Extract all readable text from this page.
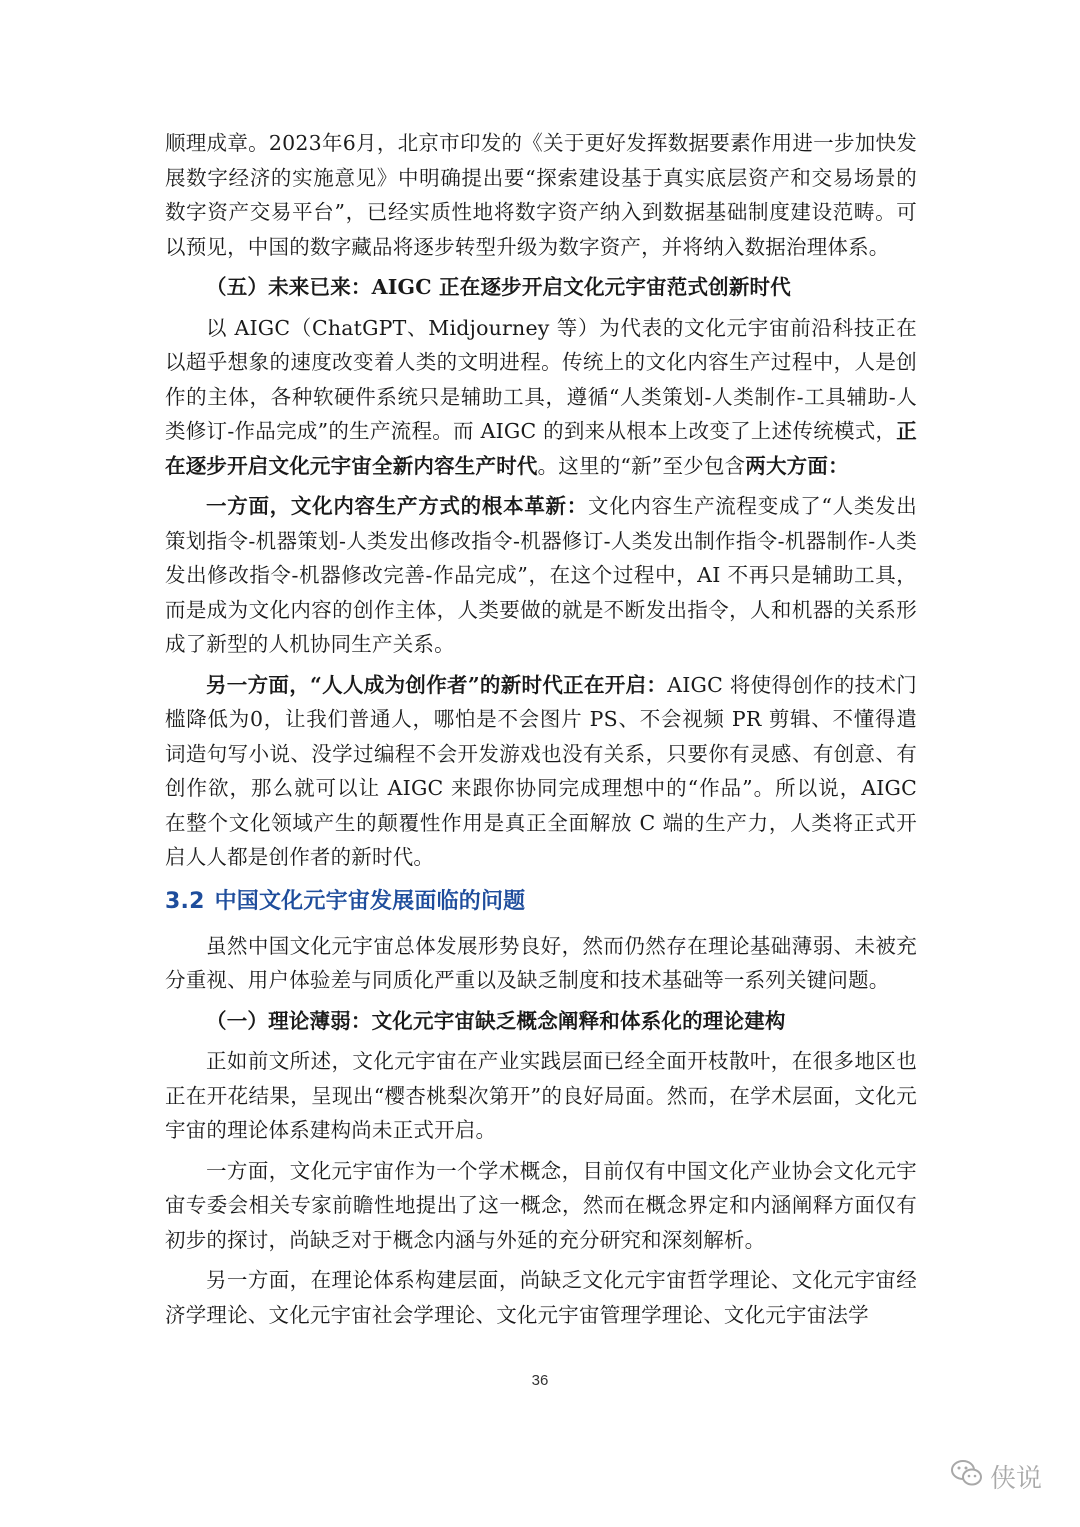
顺理成章。2023年6月，北京市印发的《关于更好发挥数据要素作用进一步加快发展数字经济的实施意见》中明确提出要“探索建设基于真实底层资产和交易场景的数字资产交易平台”，已经实质性地将数字资产纳入到数据基础制度建设范畴。可以预见，中国的数字藏品将逐步转型升级为数字资产，并将纳入数据治理体系。

（五）未来已来：AIGC 正在逐步开启文化元宇宙范式创新时代

以 AIGC（ChatGPT、Midjourney 等）为代表的文化元宇宙前沿科技正在以超乎想象的速度改变着人类的文明进程。传统上的文化内容生产过程中，人是创作的主体，各种软硬件系统只是辅助工具，遵循“人类策划-人类制作-工具辅助-人类修订-作品完成”的生产流程。而 AIGC 的到来从根本上改变了上述传统模式，正在逐步开启文化元宇宙全新内容生产时代。这里的“新”至少包含两大方面：

一方面，文化内容生产方式的根本革新：文化内容生产流程变成了“人类发出策划指令-机器策划-人类发出修改指令-机器修订-人类发出制作指令-机器制作-人类发出修改指令-机器修改完善-作品完成”，在这个过程中，AI 不再只是辅助工具，而是成为文化内容的创作主体，人类要做的就是不断发出指令，人和机器的关系形成了新型的人机协同生产关系。

另一方面，“人人成为创作者”的新时代正在开启：AIGC 将使得创作的技术门槛降低为0，让我们普通人，哪怕是不会图片 PS、不会视频 PR 剪辑、不懂得遣词造句写小说、没学过编程不会开发游戏也没有关系，只要你有灵感、有创意、有创作欲，那么就可以让 AIGC 来跟你协同完成理想中的“作品”。所以说，AIGC 在整个文化领域产生的颠覆性作用是真正全面解放 C 端的生产力，人类将正式开启人人都是创作者的新时代。

3.2 中国文化元宇宙发展面临的问题

虽然中国文化元宇宙总体发展形势良好，然而仍然存在理论基础薄弱、未被充分重视、用户体验差与同质化严重以及缺乏制度和技术基础等一系列关键问题。

（一）理论薄弱：文化元宇宙缺乏概念阐释和体系化的理论建构

正如前文所述，文化元宇宙在产业实践层面已经全面开枝散叶，在很多地区也正在开花结果，呈现出“樱杏桃梨次第开”的良好局面。然而，在学术层面，文化元宇宙的理论体系建构尚未正式开启。

一方面，文化元宇宙作为一个学术概念，目前仅有中国文化产业协会文化元宇宙专委会相关专家前瞻性地提出了这一概念，然而在概念界定和内涵阐释方面仅有初步的探讨，尚缺乏对于概念内涵与外延的充分研究和深刻解析。

另一方面，在理论体系构建层面，尚缺乏文化元宇宙哲学理论、文化元宇宙经济学理论、文化元宇宙社会学理论、文化元宇宙管理学理论、文化元宇宙法学

36
侠说
